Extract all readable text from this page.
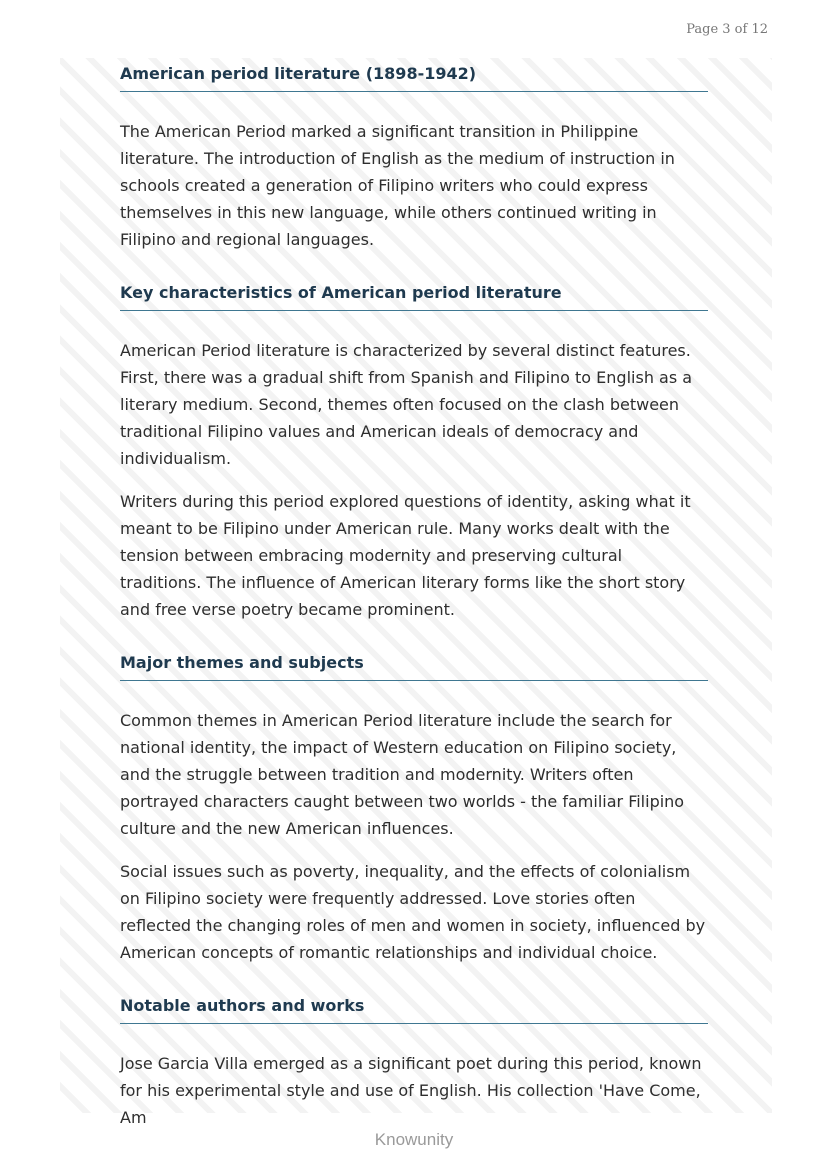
Page 3 of 12
American period literature (1898-1942)

The American Period marked a significant transition in Philippine literature. The introduction of English as the medium of instruction in schools created a generation of Filipino writers who could express themselves in this new language, while others continued writing in Filipino and regional languages.

Key characteristics of American period literature

American Period literature is characterized by several distinct features. First, there was a gradual shift from Spanish and Filipino to English as a literary medium. Second, themes often focused on the clash between traditional Filipino values and American ideals of democracy and individualism.

Writers during this period explored questions of identity, asking what it meant to be Filipino under American rule. Many works dealt with the tension between embracing modernity and preserving cultural traditions. The influence of American literary forms like the short story and free verse poetry became prominent.

Major themes and subjects

Common themes in American Period literature include the search for national identity, the impact of Western education on Filipino society, and the struggle between tradition and modernity. Writers often portrayed characters caught between two worlds - the familiar Filipino culture and the new American influences.

Social issues such as poverty, inequality, and the effects of colonialism on Filipino society were frequently addressed. Love stories often reflected the changing roles of men and women in society, influenced by American concepts of romantic relationships and individual choice.

Notable authors and works

Jose Garcia Villa emerged as a significant poet during this period, known for his experimental style and use of English. His collection 'Have Come, Am

Knowunity
